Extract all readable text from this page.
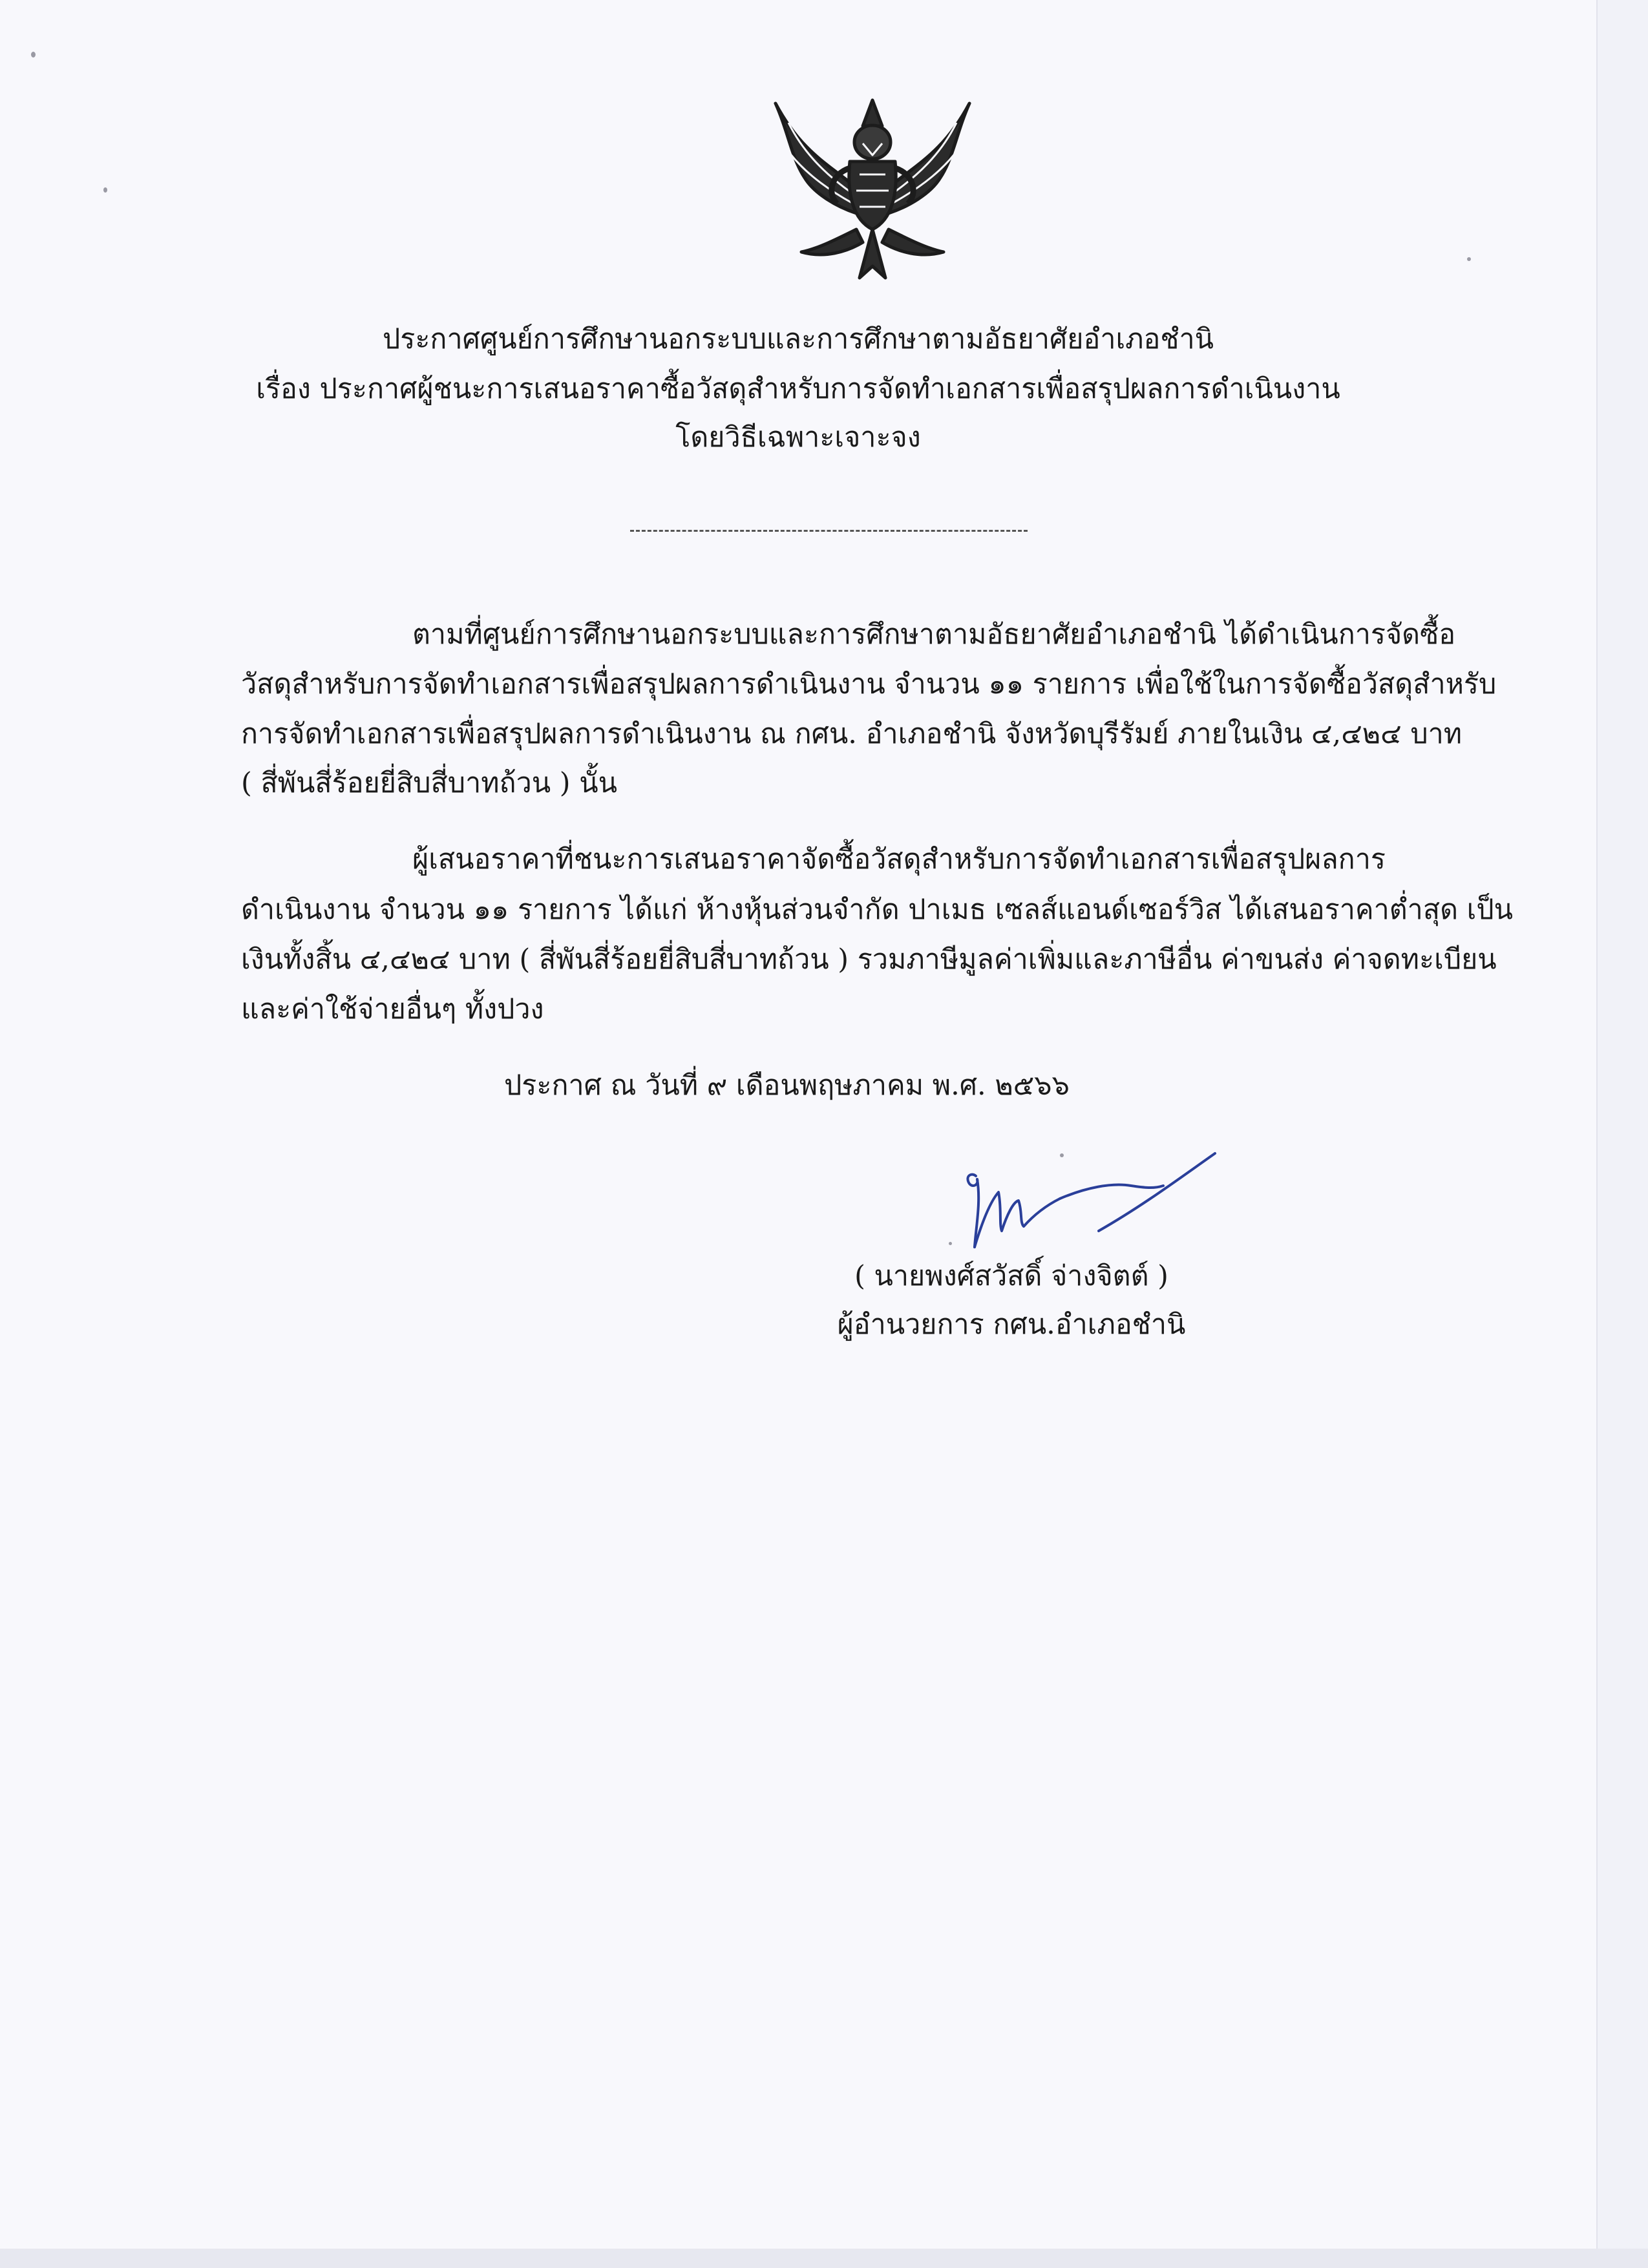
ประกาศศูนย์การศึกษานอกระบบและการศึกษาตามอัธยาศัยอำเภอชำนิ
เรื่อง ประกาศผู้ชนะการเสนอราคาซื้อวัสดุสำหรับการจัดทำเอกสารเพื่อสรุปผลการดำเนินงาน
โดยวิธีเฉพาะเจาะจง
ตามที่ศูนย์การศึกษานอกระบบและการศึกษาตามอัธยาศัยอำเภอชำนิ ได้ดำเนินการจัดซื้อ
วัสดุสำหรับการจัดทำเอกสารเพื่อสรุปผลการดำเนินงาน จำนวน ๑๑ รายการ เพื่อใช้ในการจัดซื้อวัสดุสำหรับ
การจัดทำเอกสารเพื่อสรุปผลการดำเนินงาน ณ กศน. อำเภอชำนิ จังหวัดบุรีรัมย์ ภายในเงิน ๔,๔๒๔ บาท
( สี่พันสี่ร้อยยี่สิบสี่บาทถ้วน ) นั้น
ผู้เสนอราคาที่ชนะการเสนอราคาจัดซื้อวัสดุสำหรับการจัดทำเอกสารเพื่อสรุปผลการ
ดำเนินงาน จำนวน ๑๑ รายการ ได้แก่ ห้างหุ้นส่วนจำกัด ปาเมธ เซลส์แอนด์เซอร์วิส ได้เสนอราคาต่ำสุด เป็น
เงินทั้งสิ้น ๔,๔๒๔ บาท ( สี่พันสี่ร้อยยี่สิบสี่บาทถ้วน ) รวมภาษีมูลค่าเพิ่มและภาษีอื่น ค่าขนส่ง ค่าจดทะเบียน
และค่าใช้จ่ายอื่นๆ ทั้งปวง
ประกาศ ณ วันที่ ๙ เดือนพฤษภาคม พ.ศ. ๒๕๖๖
( นายพงศ์สวัสดิ์ จ่างจิตต์ )
ผู้อำนวยการ กศน.อำเภอชำนิ
